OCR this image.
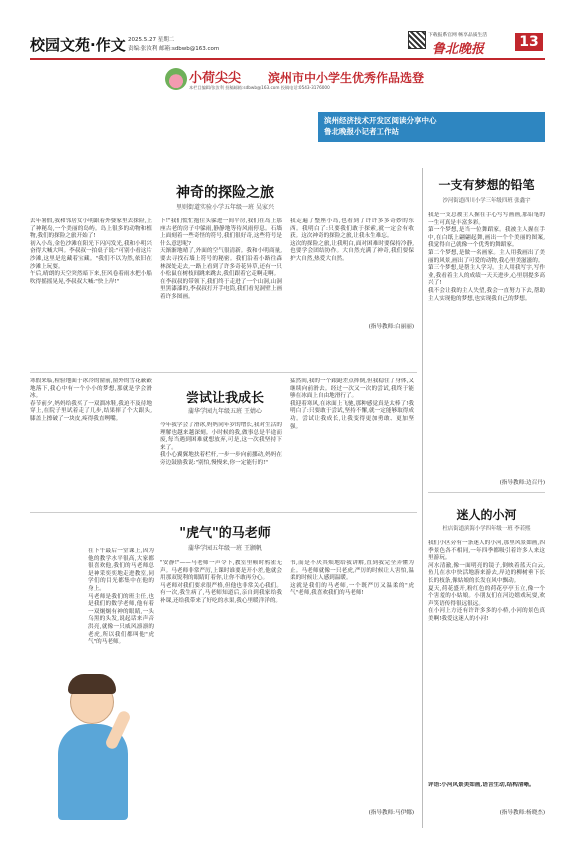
校园文苑·作文 2025.5.27 星期二
责编:张汝利 邮箱:sdbwb@163.com
下载报系官网 畅享品质生活
鲁北晚报	13
小荷尖尖 滨州市中小学生优秀作品选登
本栏目编辑/张汝利 投稿邮箱:sdbwb@163.com 投稿电话:0543-3176000
滨州经济技术开发区阅读分享中心
鲁北晚报小记者工作站
神奇的探险之旅
里则街道实验小学五年级一班 吴家兴
去年暑假,我和邻居女小明跟着外婆家里去探险,上了神秘岛,一个美丽的岛屿。岛上很多的动物和植物,我们的探险之旅开始了!
初入小岛,金色沙滩在阳光下闪闪发光,我和小明兴奋得大喊大叫。李叔叔一拍桌子说:"可别小看这片沙滩,这里是危藏着宝藏。"我们不以为然,依旧在沙滩上玩耍。
午后,晴朗的天空突然暗下来,狂风卷着雨水把小船吹得摇摇晃晃,李叔叔大喊:"快上岸!"
下!"我们慌忙抱住头躲进一间平房,我们在岛上那座古老的房子中躲雨,静静地等待风雨停息。石墙上面刻着一些奇怪的符号,我们很好奇,这些符号是什么意思呢?
天渐渐地晴了,外面的空气很清新。我和小明商量,要去寻找石墙上符号的秘密。我们沿着小路往森林深处走去,一路上看到了许多奇花异草,还有一只小松鼠在树枝间跳来跳去,我们跟着它走啊走啊。
在李叔叔的带领下,我们终于走进了一个山洞,山洞里黑漆漆的,李叔叔打开手电筒,我们看见洞壁上画着许多图画。
我走遍了整座小岛,也看到了许许多多奇妙的东西。我明白了:只要我们敢于探索,就一定会有收获。这次神奇的探险之旅,让我永生难忘。
这次的探险之旅,让我明白,面对困难时要保持冷静,也要学会团结协作。大自然充满了神奇,我们要保护大自然,热爱大自然。
(指导教师:白丽丽)
尝试让我成长
蒲华学园九年级五班 王婧心
寒假来临,检验地面于冰冷的窗前,窗外的雪花簌簌地落下,我心中有一个小小的梦想,那就是学会滑冰。
春节前夕,妈妈给我买了一双溜冰鞋,我迫不及待地穿上,在院子里试着走了几步,结果摔了个大跟头,膝盖上擦破了一块皮,疼得我直咧嘴。
今年我学会了滑冰,妈妈同年岁的增长,我对生活的理解也越来越深刻。小时候的我,做事总是半途而废,每当遇到困难就想放弃,可是,这一次我坚持下来了。
我小心翼翼地扶着栏杆,一步一步向前挪动,妈妈在旁边鼓励我说:"别怕,慢慢来,你一定能行的!"
猛然间,我的一个踉跄差点摔倒,但我稳住了身体,又继续向前滑去。经过一次又一次的尝试,我终于能够在冰面上自由地滑行了。
我迎着寒风,在冰面上飞驰,那种感觉真是太棒了!我明白了:只要敢于尝试,坚持不懈,就一定能够取得成功。尝试让我成长,让我变得更加勇敢、更加坚强。
在下午最后一堂课上,因为他的教学水平很高,大家都很喜欢他,我们的马老师总是神采奕奕地走进教室,同学们的目光都集中在他的身上。
马老师是我们的班主任,也是我们的数学老师,他有着一双炯炯有神的眼睛,一头乌黑的头发,说起话来声音洪亮,就像一只威风凛凛的老虎,所以我们都叫他"虎气"的马老师。
"虎气"的马老师
蒲华学园五年级一班 王颢帆
"安静!"——马老师一声令下,教室里顿时鸦雀无声。马老师非常严厉,上课时谁要是开小差,他就会用那双锐利的眼睛盯着你,让你不敢再分心。
马老师对我们要求很严格,但他也非常关心我们。有一次,我生病了,马老师知道后,亲自到我家给我补课,还给我带来了好吃的水果,我心里暖洋洋的。
书,而是不厌其烦地给我讲解,直到我完全弄懂为止。马老师就像一只老虎,严厉的时候让人害怕,温柔的时候让人感到温暖。
这就是我们的马老师,一个既严厉又温柔的"虎气"老师,我喜欢我们的马老师!
(指导教师:马伊娜)
一支有梦想的铅笔
沙河街道四川小学三年级四班 张鑫宇
我是一支总被主人握在手心写写画画,那铅笔的一生可真是丰富多彩。
第一个梦想,是当一位舞蹈家。我被主人握在手中,在白纸上翩翩起舞,画出一个个美丽的图案,我觉得自己就像一个优秀的舞蹈家。
第二个梦想,是做一名画家。主人用我画出了美丽的风景,画出了可爱的动物,我心里美滋滋的。
第三个梦想,是帮主人学习。主人用我写字,写作业,我看着主人的成绩一天天进步,心里别提多高兴了!
我不会让我的主人失望,我会一直努力下去,帮助主人实现他的梦想,也实现我自己的梦想。
(指导教师:边召丹)
迷人的小河
杜店街道滨海小学四年级一班 李若熙
我们小区旁有一条迷人的小河,那里风景如画,四季景色各不相同,一年四季都吸引着许多人来这里游玩。
河水清澈,像一面明亮的镜子,倒映着蓝天白云,鱼儿在水中快活地游来游去,岸边的柳树垂下长长的枝条,像姑娘的长发在风中飘动。
夏天,荷花盛开,粉红色的荷花亭亭玉立,像一个个害羞的小姑娘。小朋友们在河边嬉戏玩耍,欢声笑语传得很远很远。
在小河上方还有许许多多的小桥,小河的景色真美啊!我爱这迷人的小河!
评语:小河风景美如画,语言生动,结构清晰。
(指导教师:杨晓杰)
